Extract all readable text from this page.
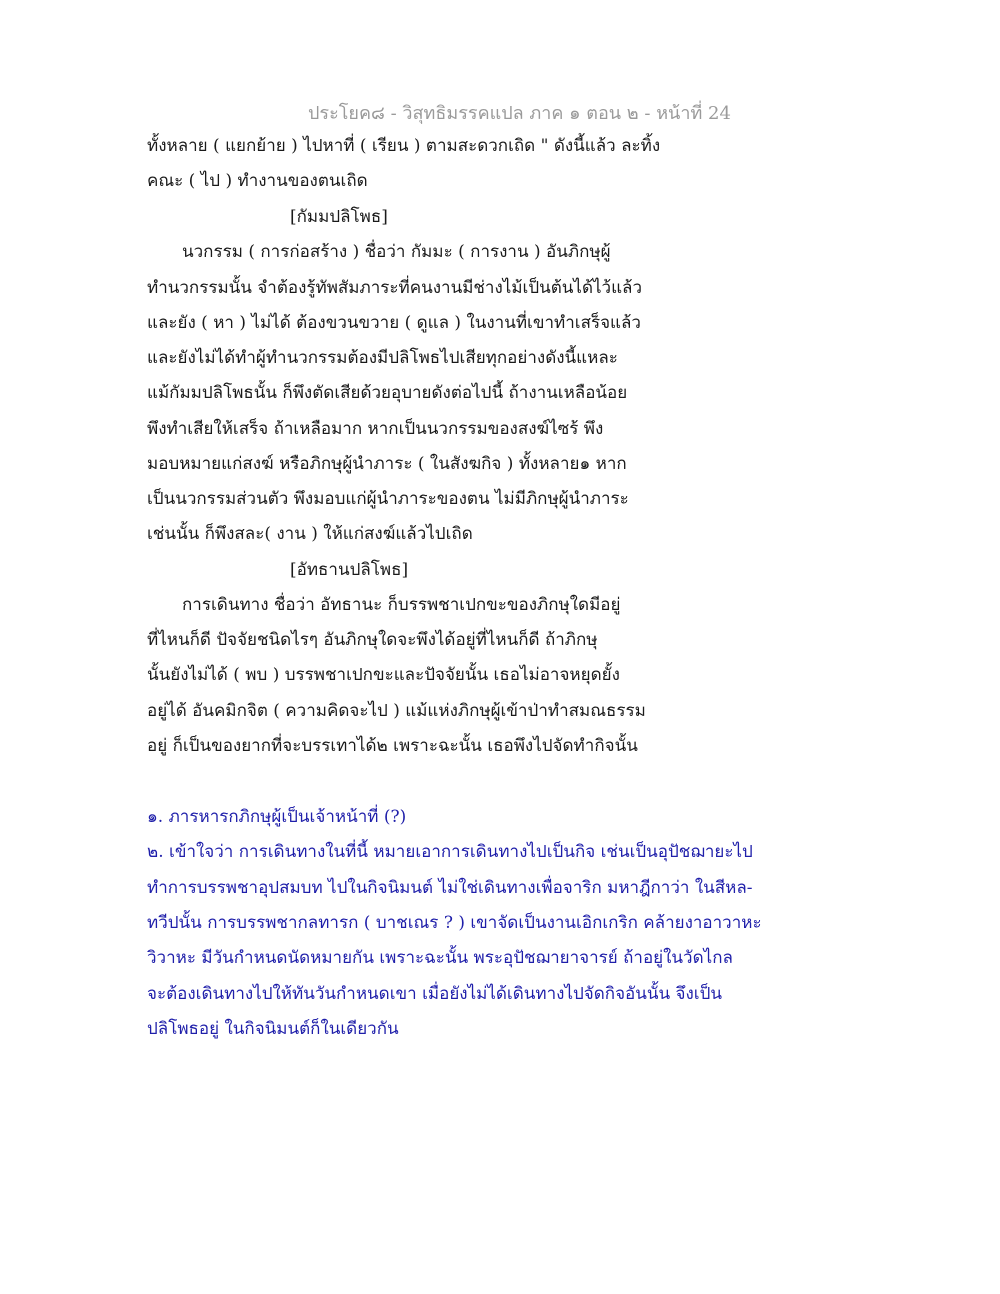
ประโยค๘ - วิสุทธิมรรคแปล ภาค ๑ ตอน ๒ - หน้าที่ 24
ทั้งหลาย ( แยกย้าย ) ไปหาที่ ( เรียน ) ตามสะดวกเถิด " ดังนี้แล้ว ละทิ้ง
คณะ ( ไป ) ทำงานของตนเถิด
[กัมมปลิโพธ]
นวกรรม ( การก่อสร้าง ) ชื่อว่า กัมมะ ( การงาน ) อันภิกษุผู้
ทำนวกรรมนั้น จำต้องรู้ทัพสัมภาระที่คนงานมีช่างไม้เป็นต้นได้ไว้แล้ว
และยัง ( หา ) ไม่ได้ ต้องขวนขวาย ( ดูแล ) ในงานที่เขาทำเสร็จแล้ว
และยังไม่ได้ทำผู้ทำนวกรรมต้องมีปลิโพธไปเสียทุกอย่างดังนี้แหละ
แม้กัมมปลิโพธนั้น ก็พึงตัดเสียด้วยอุบายดังต่อไปนี้ ถ้างานเหลือน้อย
พึงทำเสียให้เสร็จ ถ้าเหลือมาก หากเป็นนวกรรมของสงฆ์ไซร้ พึง
มอบหมายแก่สงฆ์ หรือภิกษุผู้นำภาระ ( ในสังฆกิจ ) ทั้งหลาย๑ หาก
เป็นนวกรรมส่วนตัว พึงมอบแก่ผู้นำภาระของตน ไม่มีภิกษุผู้นำภาระ
เช่นนั้น ก็พึงสละ( งาน ) ให้แก่สงฆ์แล้วไปเถิด
[อัทธานปลิโพธ]
การเดินทาง ชื่อว่า อัทธานะ ก็บรรพชาเปกขะของภิกษุใดมีอยู่
ที่ไหนก็ดี ปัจจัยชนิดไรๆ อันภิกษุใดจะพึงได้อยู่ที่ไหนก็ดี ถ้าภิกษุ
นั้นยังไม่ได้ ( พบ ) บรรพชาเปกขะและปัจจัยนั้น เธอไม่อาจหยุดยั้ง
อยู่ได้ อันคมิกจิต ( ความคิดจะไป ) แม้แห่งภิกษุผู้เข้าป่าทำสมณธรรม
อยู่ ก็เป็นของยากที่จะบรรเทาได้๒ เพราะฉะนั้น เธอพึงไปจัดทำกิจนั้น
๑. ภารหารกภิกษุผู้เป็นเจ้าหน้าที่ (?)
๒. เข้าใจว่า การเดินทางในที่นี้ หมายเอาการเดินทางไปเป็นกิจ เช่นเป็นอุปัชฌายะไป
ทำการบรรพชาอุปสมบท ไปในกิจนิมนต์ ไม่ใช่เดินทางเพื่อจาริก มหาฎีกาว่า ในสีหล-
ทวีปนั้น การบรรพชากลทารก ( บาชเณร ? ) เขาจัดเป็นงานเอิกเกริก คล้ายงาอาวาหะ
วิวาหะ มีวันกำหนดนัดหมายกัน เพราะฉะนั้น พระอุปัชฌายาจารย์ ถ้าอยู่ในวัดไกล
จะต้องเดินทางไปให้ทันวันกำหนดเขา เมื่อยังไม่ได้เดินทางไปจัดกิจอันนั้น จึงเป็น
ปลิโพธอยู่ ในกิจนิมนต์ก็ในเดียวกัน
